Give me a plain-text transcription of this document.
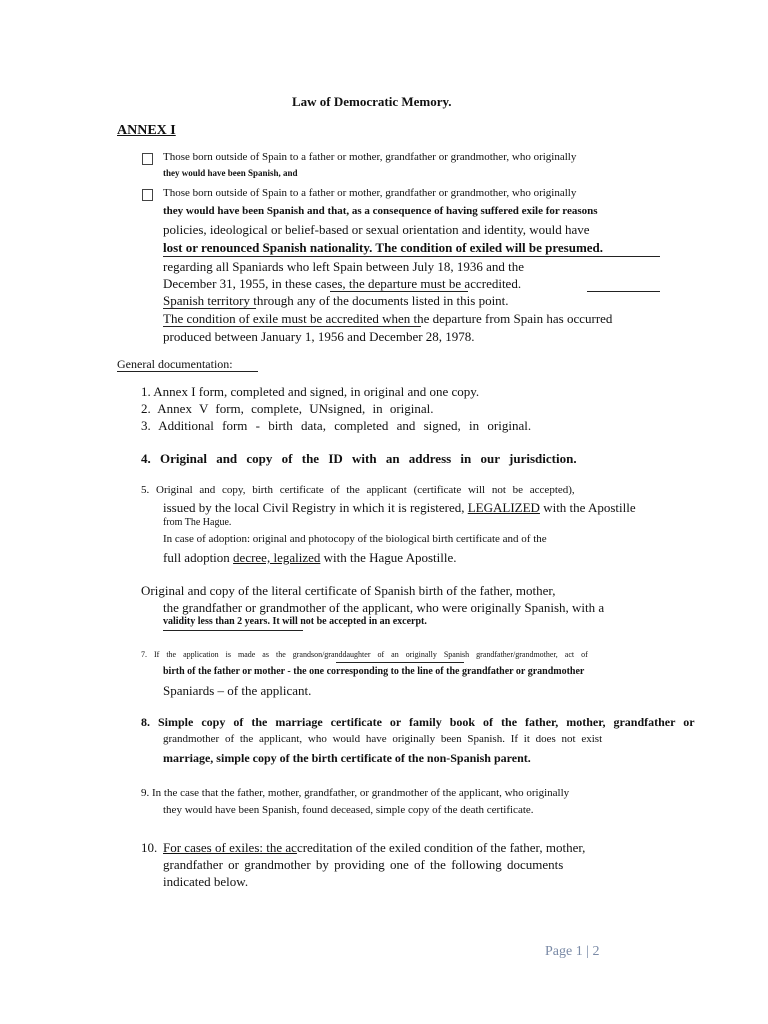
Law of Democratic Memory.
ANNEX I
Those born outside of Spain to a father or mother, grandfather or grandmother, who originally
they would have been Spanish, and
Those born outside of Spain to a father or mother, grandfather or grandmother, who originally
they would have been Spanish and that, as a consequence of having suffered exile for reasons
policies, ideological or belief-based or sexual orientation and identity, would have
lost or renounced Spanish nationality. The condition of exiled will be presumed.
regarding all Spaniards who left Spain between July 18, 1936 and the
December 31, 1955, in these cases, the departure must be accredited.
Spanish territory through any of the documents listed in this point.
The condition of exile must be accredited when the departure from Spain has occurred
produced between January 1, 1956 and December 28, 1978.
General documentation:
1. Annex I form, completed and signed, in original and one copy.
2. Annex V form, complete, UNsigned, in original.
3. Additional form - birth data, completed and signed, in original.
4. Original and copy of the ID with an address in our jurisdiction.
5. Original and copy, birth certificate of the applicant (certificate will not be accepted),
issued by the local Civil Registry in which it is registered, LEGALIZED with the Apostille
from The Hague.
In case of adoption: original and photocopy of the biological birth certificate and of the
full adoption decree, legalized with the Hague Apostille.
Original and copy of the literal certificate of Spanish birth of the father, mother,
the grandfather or grandmother of the applicant, who were originally Spanish, with a
validity less than 2 years. It will not be accepted in an excerpt.
7. If the application is made as the grandson/granddaughter of an originally Spanish grandfather/grandmother, act of
birth of the father or mother - the one corresponding to the line of the grandfather or grandmother
Spaniards – of the applicant.
8. Simple copy of the marriage certificate or family book of the father, mother, grandfather or
grandmother of the applicant, who would have originally been Spanish. If it does not exist
marriage, simple copy of the birth certificate of the non-Spanish parent.
9. In the case that the father, mother, grandfather, or grandmother of the applicant, who originally
they would have been Spanish, found deceased, simple copy of the death certificate.
10. For cases of exiles: the accreditation of the exiled condition of the father, mother,
grandfather or grandmother by providing one of the following documents
indicated below.
Page 1 | 2
